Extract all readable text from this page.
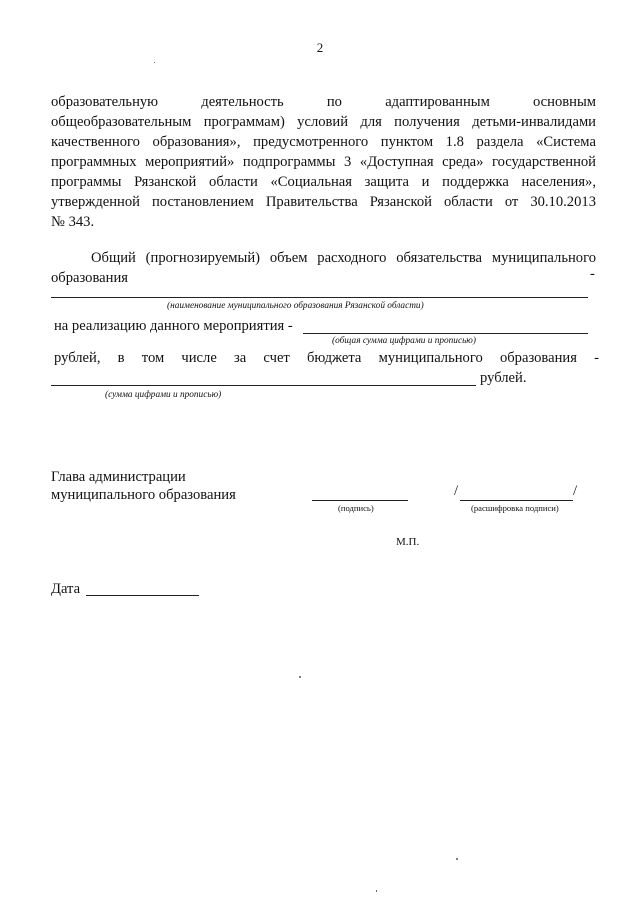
2
образовательную деятельность по адаптированным основным
общеобразовательным программам) условий для получения детьми-инвалидами
качественного образования», предусмотренного пунктом 1.8 раздела «Системa
программных мероприятий» подпрограммы 3 «Доступная среда» государственной
программы Рязанской области «Социальная защита и поддержка населения»,
утвержденной постановлением Правительства Рязанской области от 30.10.2013
№ 343.
Общий (прогнозируемый) объем расходного обязательства муниципального
образования	-
(наименование муниципального образования Рязанской области)
на реализацию данного мероприятия -
(общая сумма цифрами и прописью)
рублей, в том числе за счет бюджета муниципального образования -
рублей.
(сумма цифрами и прописью)
Глава администрации
муниципального образования
(подпись)
/	/
(расшифровка подписи)
М.П.
Дата
